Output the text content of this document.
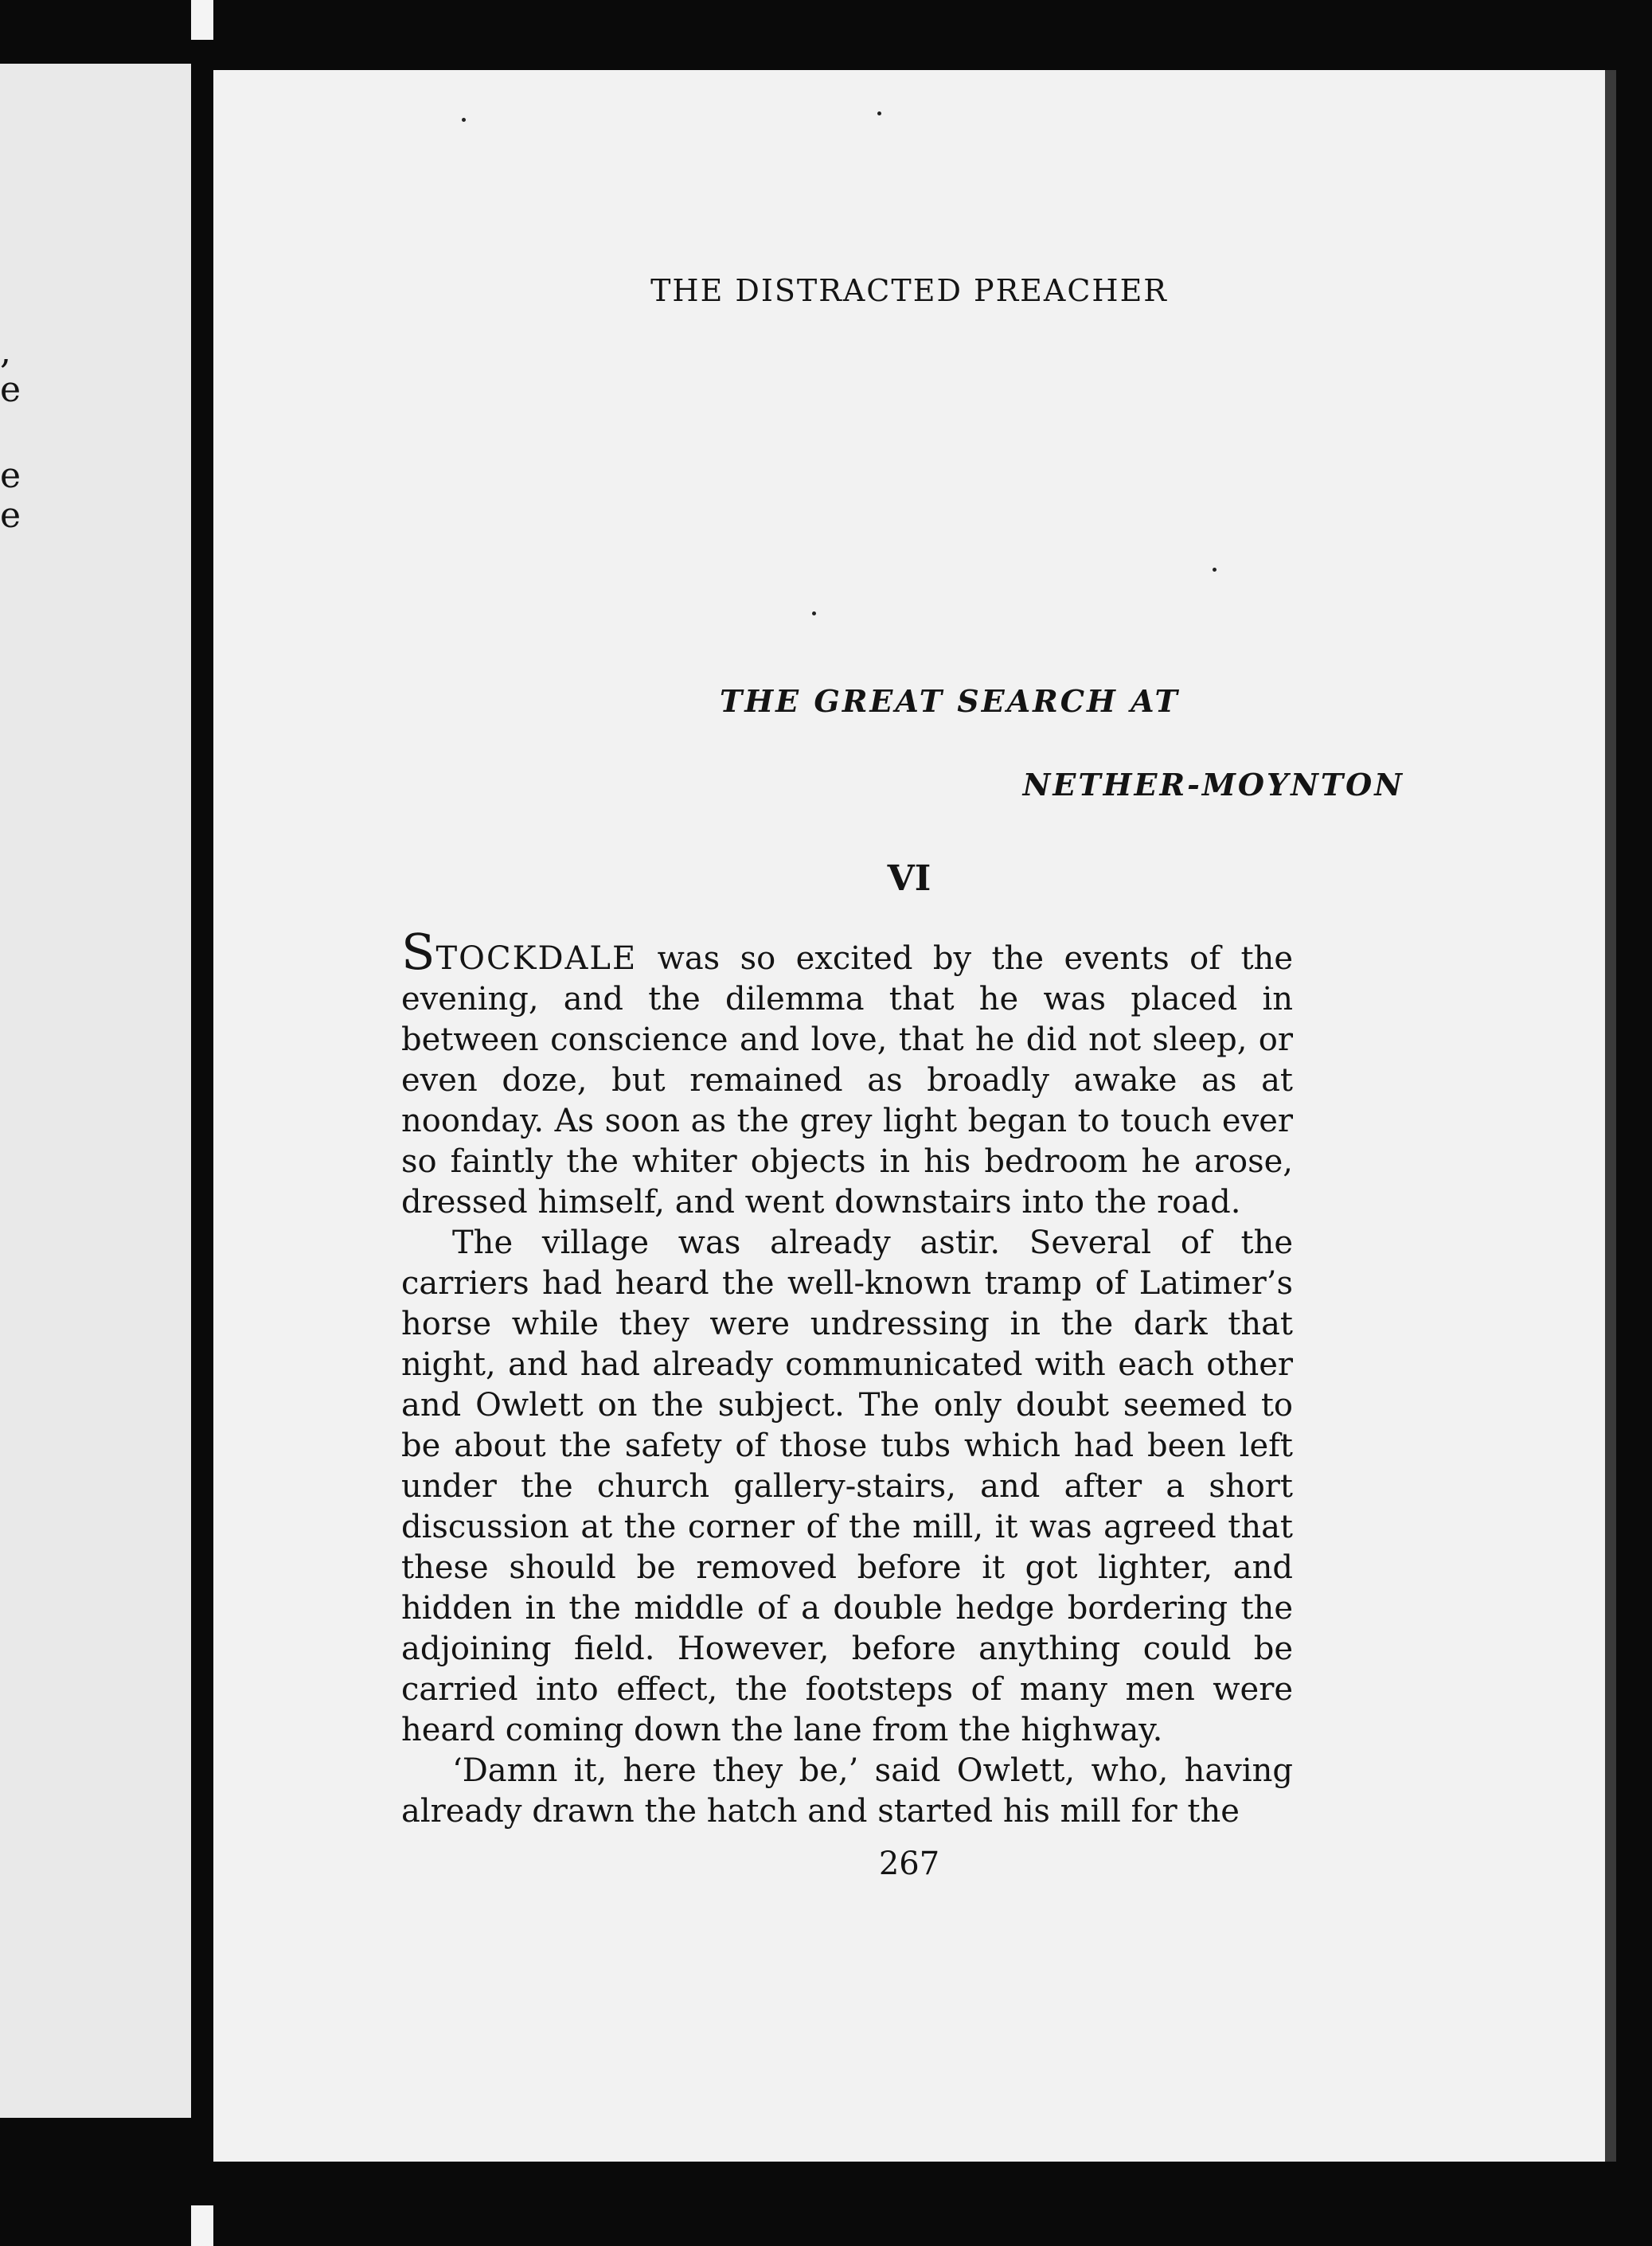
,
e
e
e
THE DISTRACTED PREACHER
THE GREAT SEARCH AT
NETHER-MOYNTON
VI

STOCKDALE was so excited by the events of the evening, and the dilemma that he was placed in between conscience and love, that he did not sleep, or even doze, but remained as broadly awake as at noonday. As soon as the grey light began to touch ever so faintly the whiter objects in his bedroom he arose, dressed himself, and went downstairs into the road.

The village was already astir. Several of the carriers had heard the well-known tramp of Latimer’s horse while they were undressing in the dark that night, and had already communicated with each other and Owlett on the subject. The only doubt seemed to be about the safety of those tubs which had been left under the church gallery-stairs, and after a short discussion at the corner of the mill, it was agreed that these should be removed before it got lighter, and hidden in the middle of a double hedge bordering the adjoining field. However, before anything could be carried into effect, the footsteps of many men were heard coming down the lane from the highway.

‘Damn it, here they be,’ said Owlett, who, having already drawn the hatch and started his mill for the

267
